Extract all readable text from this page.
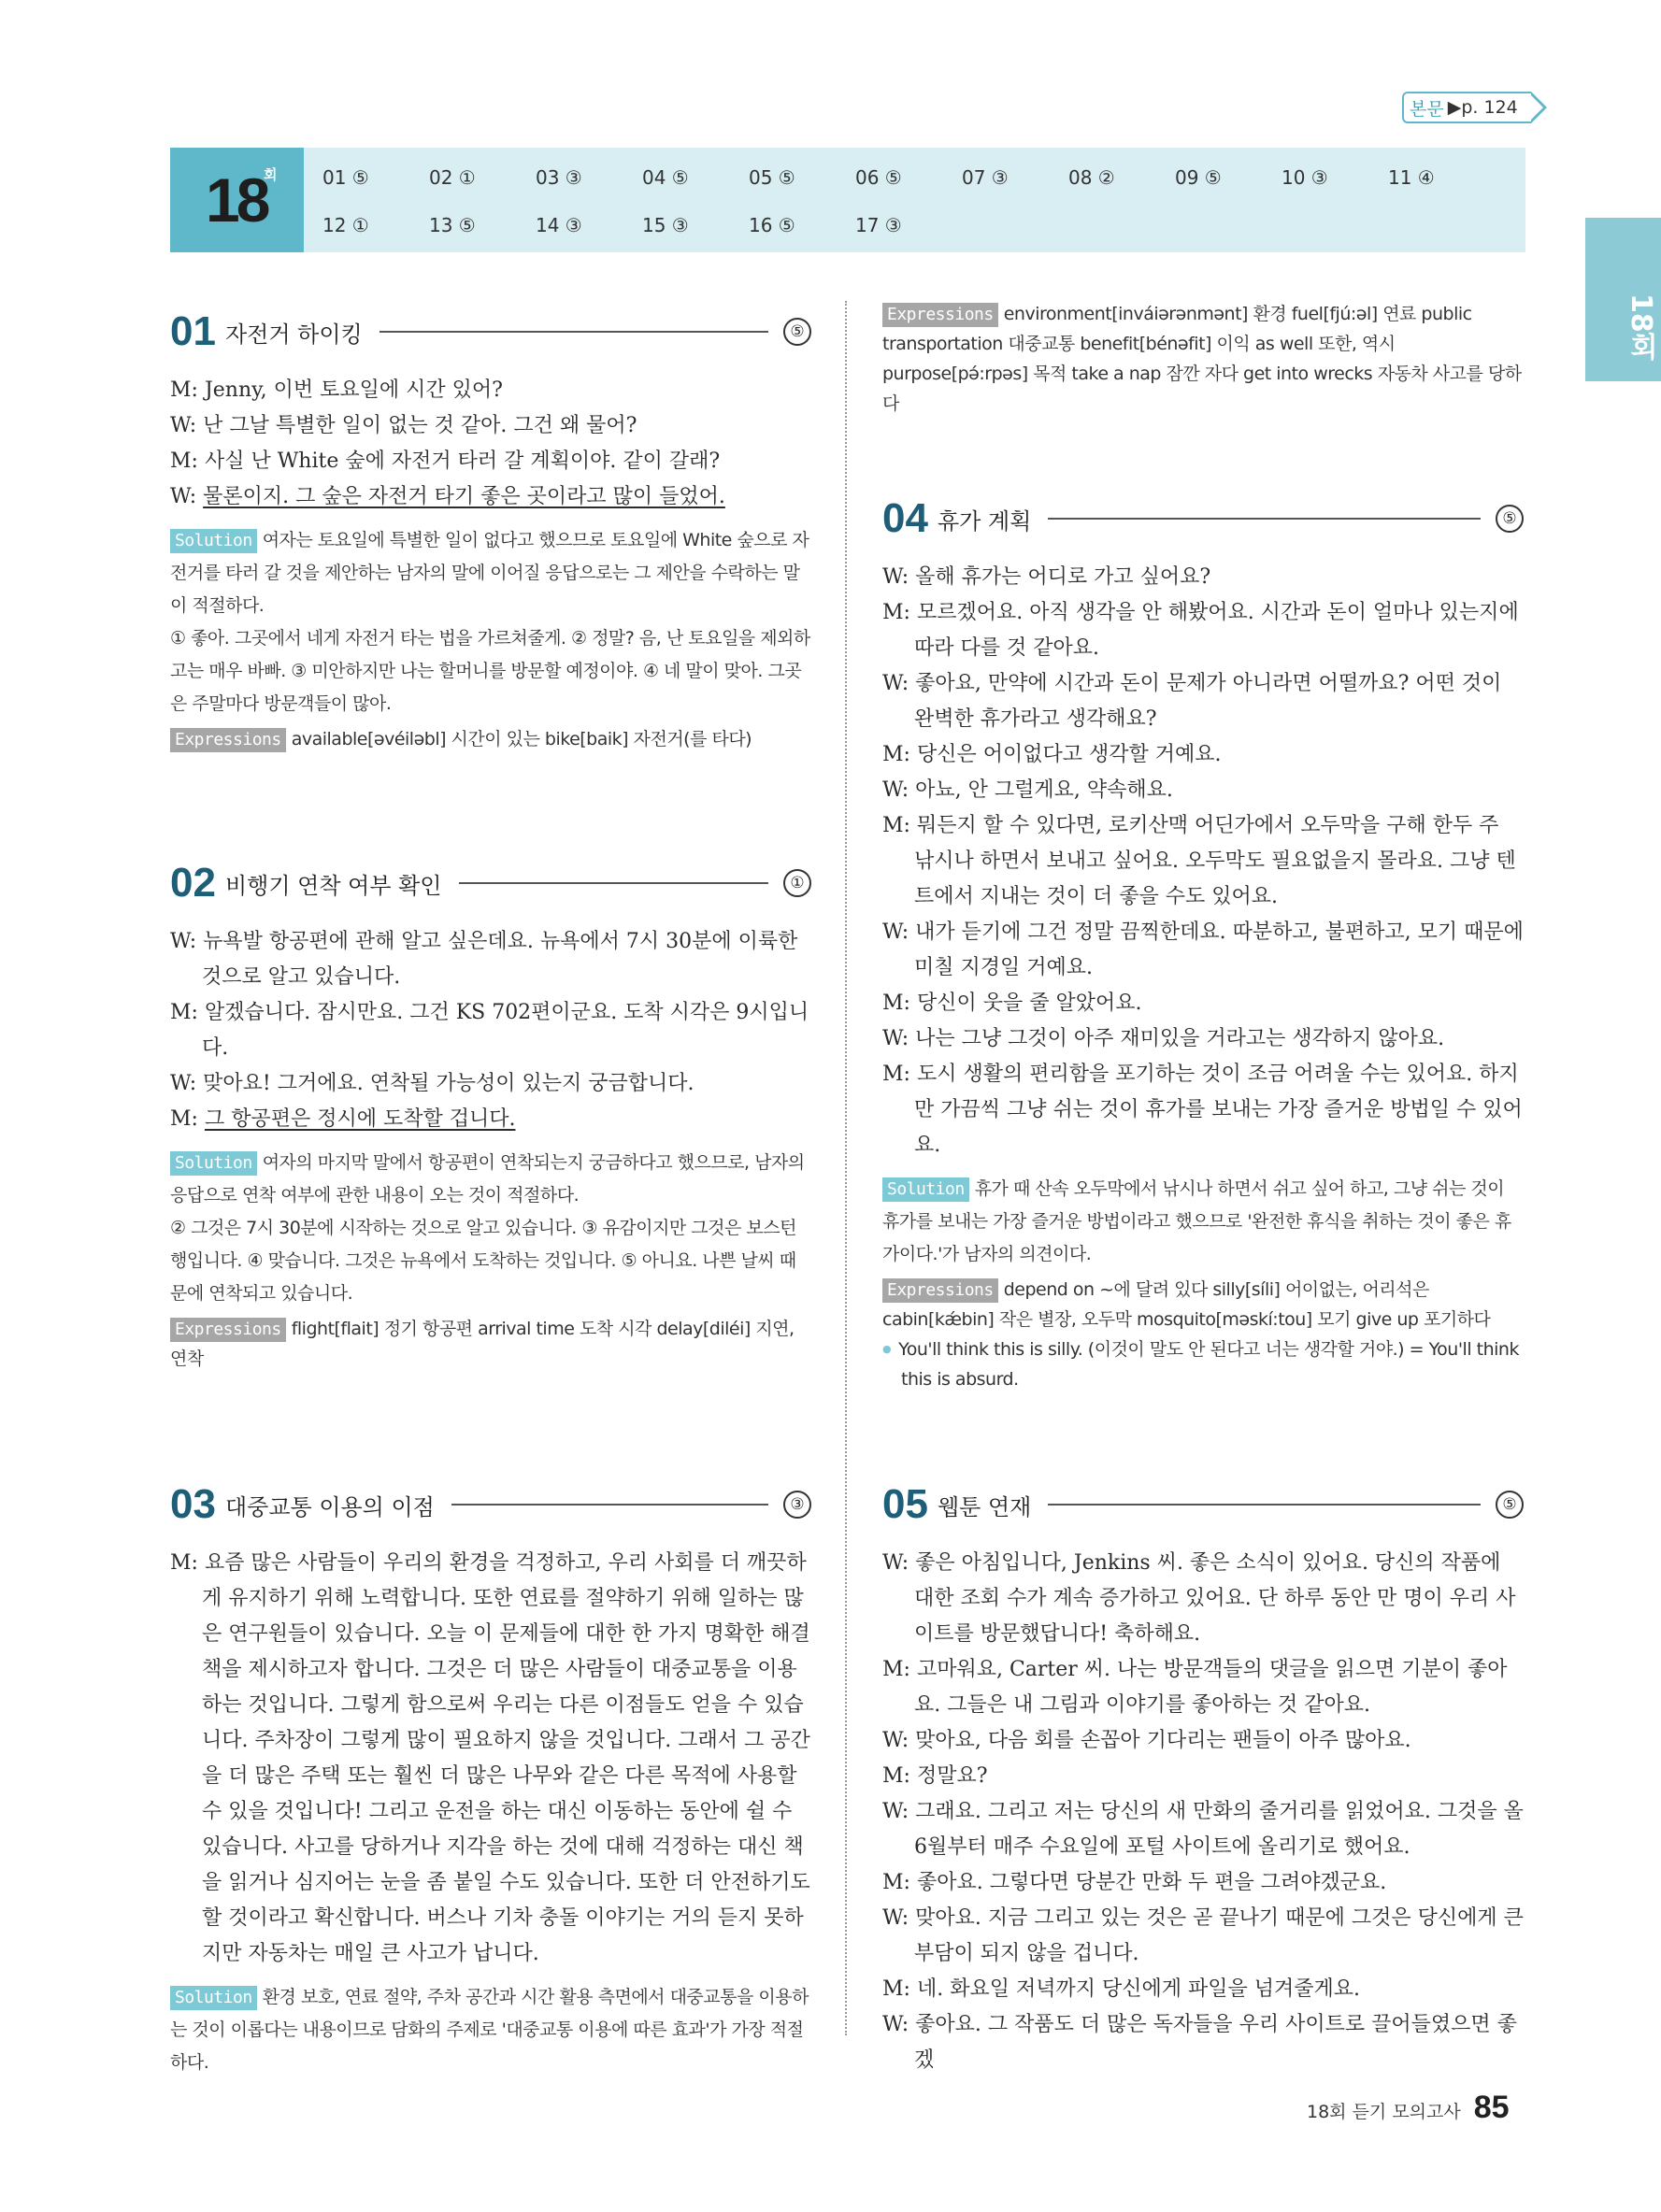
본문 ▶ p. 124
18
회 01 ⑤	02 ①	03 ③	04 ⑤	05 ⑤	06 ⑤	07 ③	08 ②	09 ⑤	10 ③	11 ④
12 ①	13 ⑤	14 ③	15 ③	16 ⑤	17 ③
18회
01 자전거 하이킹	⑤
M: Jenny, 이번 토요일에 시간 있어?
W: 난 그날 특별한 일이 없는 것 같아. 그건 왜 물어?
M: 사실 난 White 숲에 자전거 타러 갈 계획이야. 같이 갈래?
W: 물론이지. 그 숲은 자전거 타기 좋은 곳이라고 많이 들었어.
Solution 여자는 토요일에 특별한 일이 없다고 했으므로 토요일에 White 숲으로 자전거를 타러 갈 것을 제안하는 남자의 말에 이어질 응답으로는 그 제안을 수락하는 말이 적절하다.
① 좋아. 그곳에서 네게 자전거 타는 법을 가르쳐줄게. ② 정말? 음, 난 토요일을 제외하고는 매우 바빠. ③ 미안하지만 나는 할머니를 방문할 예정이야. ④ 네 말이 맞아. 그곳은 주말마다 방문객들이 많아.
Expressions available[əvéiləbl] 시간이 있는 bike[baik] 자전거(를 타다)
02 비행기 연착 여부 확인	①
W: 뉴욕발 항공편에 관해 알고 싶은데요. 뉴욕에서 7시 30분에 이륙한 것으로 알고 있습니다.
M: 알겠습니다. 잠시만요. 그건 KS 702편이군요. 도착 시각은 9시입니다.
W: 맞아요! 그거에요. 연착될 가능성이 있는지 궁금합니다.
M: 그 항공편은 정시에 도착할 겁니다.
Solution 여자의 마지막 말에서 항공편이 연착되는지 궁금하다고 했으므로, 남자의 응답으로 연착 여부에 관한 내용이 오는 것이 적절하다.
② 그것은 7시 30분에 시작하는 것으로 알고 있습니다. ③ 유감이지만 그것은 보스턴행입니다. ④ 맞습니다. 그것은 뉴욕에서 도착하는 것입니다. ⑤ 아니요. 나쁜 날씨 때문에 연착되고 있습니다.
Expressions flight[flait] 정기 항공편 arrival time 도착 시각 delay[diléi] 지연, 연착
03 대중교통 이용의 이점	③
M: 요즘 많은 사람들이 우리의 환경을 걱정하고, 우리 사회를 더 깨끗하게 유지하기 위해 노력합니다. 또한 연료를 절약하기 위해 일하는 많은 연구원들이 있습니다. 오늘 이 문제들에 대한 한 가지 명확한 해결책을 제시하고자 합니다. 그것은 더 많은 사람들이 대중교통을 이용하는 것입니다. 그렇게 함으로써 우리는 다른 이점들도 얻을 수 있습니다. 주차장이 그렇게 많이 필요하지 않을 것입니다. 그래서 그 공간을 더 많은 주택 또는 훨씬 더 많은 나무와 같은 다른 목적에 사용할 수 있을 것입니다! 그리고 운전을 하는 대신 이동하는 동안에 쉴 수 있습니다. 사고를 당하거나 지각을 하는 것에 대해 걱정하는 대신 책을 읽거나 심지어는 눈을 좀 붙일 수도 있습니다. 또한 더 안전하기도 할 것이라고 확신합니다. 버스나 기차 충돌 이야기는 거의 듣지 못하지만 자동차는 매일 큰 사고가 납니다.
Solution 환경 보호, 연료 절약, 주차 공간과 시간 활용 측면에서 대중교통을 이용하는 것이 이롭다는 내용이므로 담화의 주제로 '대중교통 이용에 따른 효과'가 가장 적절하다.
Expressions environment[inváiərənmənt] 환경 fuel[fjú:əl] 연료 public transportation 대중교통 benefit[bénəfit] 이익 as well 또한, 역시 purpose[pə́:rpəs] 목적 take a nap 잠깐 자다 get into wrecks 자동차 사고를 당하다
04 휴가 계획	⑤
W: 올해 휴가는 어디로 가고 싶어요?
M: 모르겠어요. 아직 생각을 안 해봤어요. 시간과 돈이 얼마나 있는지에 따라 다를 것 같아요.
W: 좋아요, 만약에 시간과 돈이 문제가 아니라면 어떨까요? 어떤 것이 완벽한 휴가라고 생각해요?
M: 당신은 어이없다고 생각할 거예요.
W: 아뇨, 안 그럴게요, 약속해요.
M: 뭐든지 할 수 있다면, 로키산맥 어딘가에서 오두막을 구해 한두 주 낚시나 하면서 보내고 싶어요. 오두막도 필요없을지 몰라요. 그냥 텐트에서 지내는 것이 더 좋을 수도 있어요.
W: 내가 듣기에 그건 정말 끔찍한데요. 따분하고, 불편하고, 모기 때문에 미칠 지경일 거예요.
M: 당신이 웃을 줄 알았어요.
W: 나는 그냥 그것이 아주 재미있을 거라고는 생각하지 않아요.
M: 도시 생활의 편리함을 포기하는 것이 조금 어려울 수는 있어요. 하지만 가끔씩 그냥 쉬는 것이 휴가를 보내는 가장 즐거운 방법일 수 있어요.
Solution 휴가 때 산속 오두막에서 낚시나 하면서 쉬고 싶어 하고, 그냥 쉬는 것이 휴가를 보내는 가장 즐거운 방법이라고 했으므로 '완전한 휴식을 취하는 것이 좋은 휴가이다.'가 남자의 의견이다.
Expressions depend on ~에 달려 있다 silly[síli] 어이없는, 어리석은 cabin[kǽbin] 작은 별장, 오두막 mosquito[məskí:tou] 모기 give up 포기하다
● You'll think this is silly. (이것이 말도 안 된다고 너는 생각할 거야.) = You'll think this is absurd.
05 웹툰 연재	⑤
W: 좋은 아침입니다, Jenkins 씨. 좋은 소식이 있어요. 당신의 작품에 대한 조회 수가 계속 증가하고 있어요. 단 하루 동안 만 명이 우리 사이트를 방문했답니다! 축하해요.
M: 고마워요, Carter 씨. 나는 방문객들의 댓글을 읽으면 기분이 좋아요. 그들은 내 그림과 이야기를 좋아하는 것 같아요.
W: 맞아요, 다음 회를 손꼽아 기다리는 팬들이 아주 많아요.
M: 정말요?
W: 그래요. 그리고 저는 당신의 새 만화의 줄거리를 읽었어요. 그것을 올 6월부터 매주 수요일에 포털 사이트에 올리기로 했어요.
M: 좋아요. 그렇다면 당분간 만화 두 편을 그려야겠군요.
W: 맞아요. 지금 그리고 있는 것은 곧 끝나기 때문에 그것은 당신에게 큰 부담이 되지 않을 겁니다.
M: 네. 화요일 저녁까지 당신에게 파일을 넘겨줄게요.
W: 좋아요. 그 작품도 더 많은 독자들을 우리 사이트로 끌어들였으면 좋겠
18회 듣기 모의고사 85
